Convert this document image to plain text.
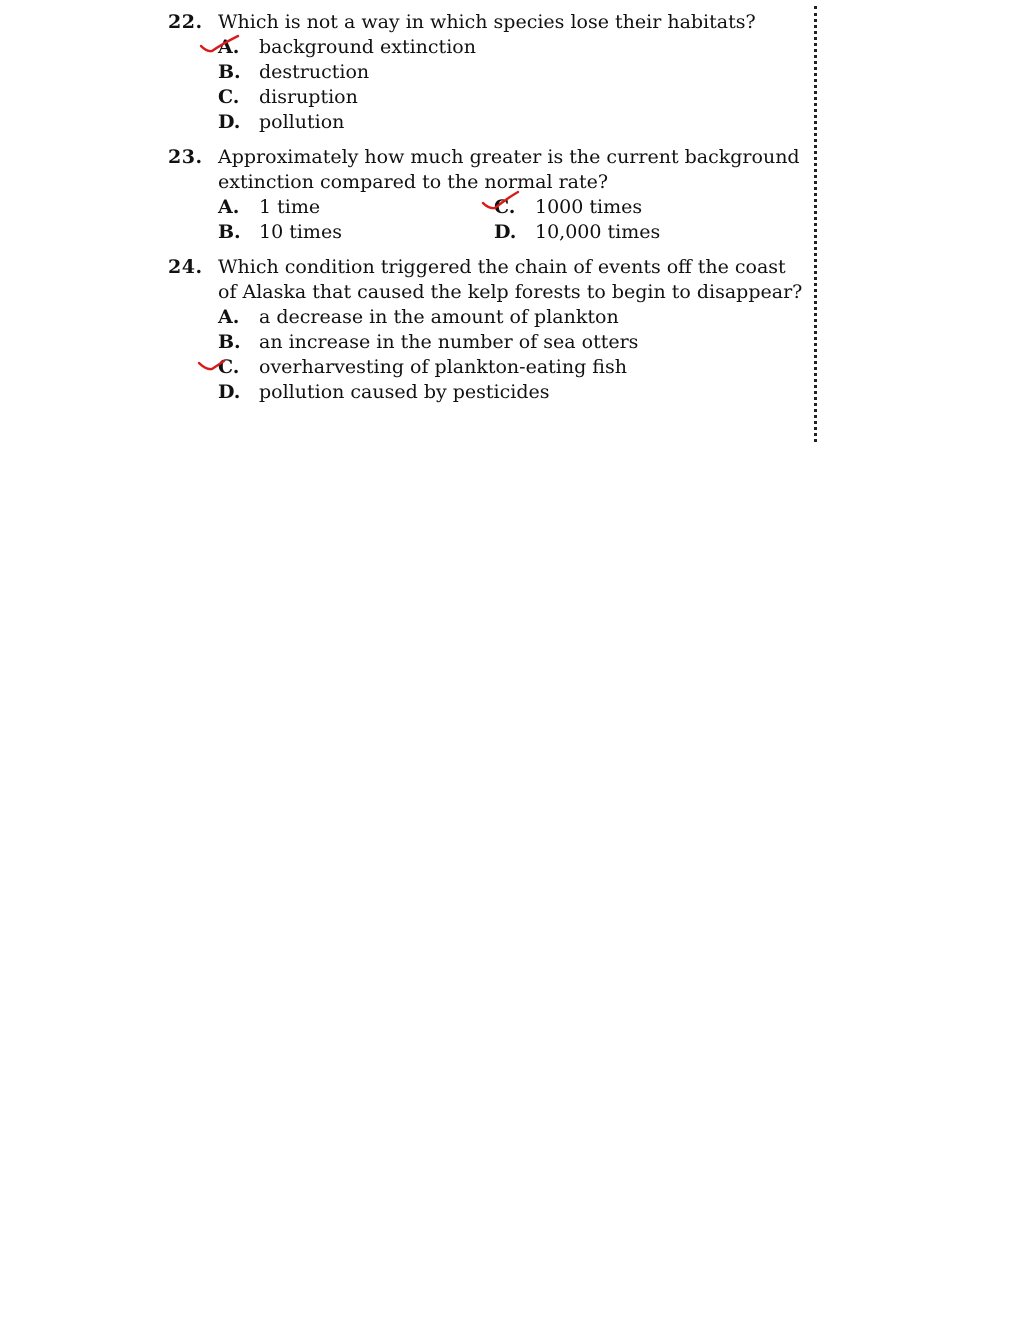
22. Which is not a way in which species lose their habitats?
A. background extinction
B. destruction
C. disruption
D. pollution
23. Approximately how much greater is the current background extinction compared to the normal rate?
A. 1 time
B. 10 times
C. 1000 times
D. 10,000 times
24. Which condition triggered the chain of events off the coast of Alaska that caused the kelp forests to begin to disappear?
A. a decrease in the amount of plankton
B. an increase in the number of sea otters
C. overharvesting of plankton-eating fish
D. pollution caused by pesticides
